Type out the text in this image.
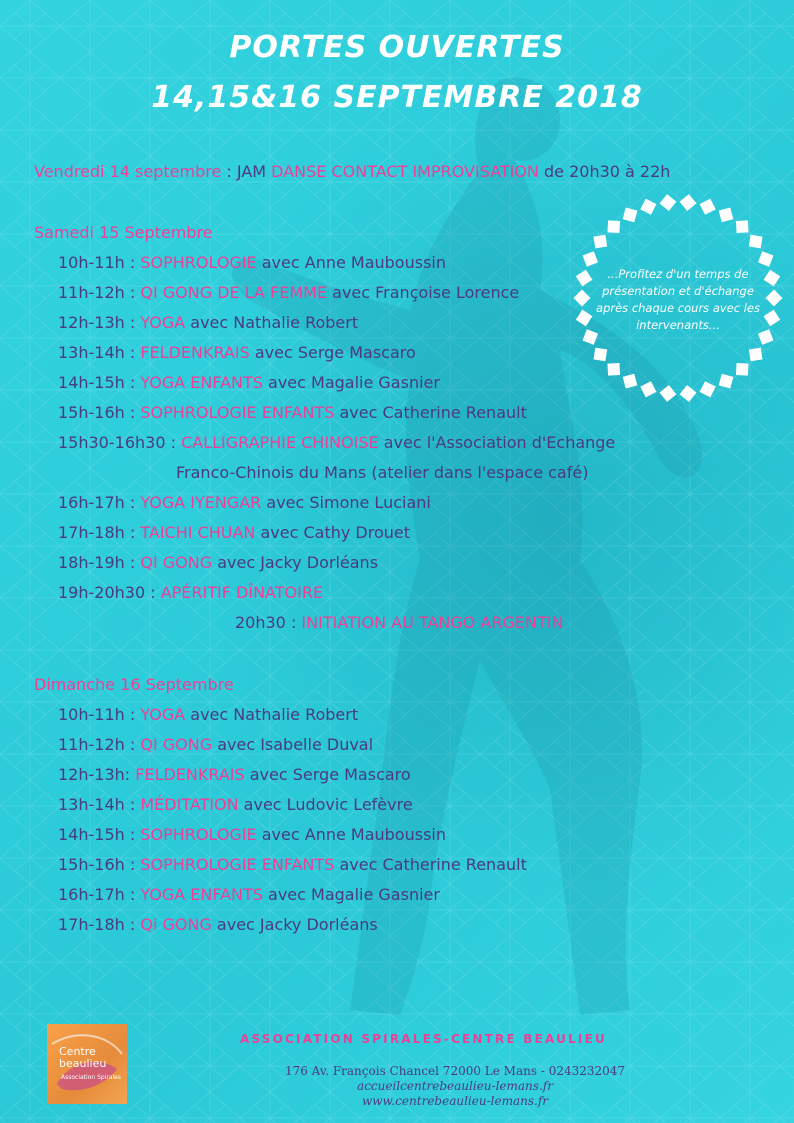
PORTES OUVERTES
14,15&16 SEPTEMBRE 2018
Vendredi 14 septembre : JAM DANSE CONTACT IMPROVISATION de 20h30 à 22h
Samedi 15 Septembre
10h-11h : SOPHROLOGIE avec Anne Mauboussin
11h-12h : QI GONG DE LA FEMME avec Françoise Lorence
12h-13h : YOGA avec Nathalie Robert
13h-14h : FELDENKRAIS avec Serge Mascaro
14h-15h : YOGA ENFANTS avec Magalie Gasnier
15h-16h : SOPHROLOGIE ENFANTS avec Catherine Renault
15h30-16h30 : CALLIGRAPHIE CHINOISE avec l'Association d'Echange
Franco-Chinois du Mans (atelier dans l'espace café)
16h-17h : YOGA IYENGAR avec Simone Luciani
17h-18h : TAICHI CHUAN avec Cathy Drouet
18h-19h : QI GONG avec Jacky Dorléans
19h-20h30 : APÉRITIF DÎNATOIRE
20h30 : INITIATION AU TANGO ARGENTIN
Dimanche 16 Septembre
10h-11h : YOGA avec Nathalie Robert
11h-12h : QI GONG avec Isabelle Duval
12h-13h: FELDENKRAIS avec Serge Mascaro
13h-14h : MÉDITATION avec Ludovic Lefèvre
14h-15h : SOPHROLOGIE avec Anne Mauboussin
15h-16h : SOPHROLOGIE ENFANTS avec Catherine Renault
16h-17h : YOGA ENFANTS avec Magalie Gasnier
17h-18h : Qi GONG avec Jacky Dorléans
...Profitez d'un temps de présentation et d'échange après chaque cours avec les intervenants...
Centre
beaulieu
Association Spirales
ASSOCIATION SPIRALES-CENTRE BEAULIEU
176 Av. François Chancel 72000 Le Mans - 0243232047
accueilcentrebeaulieu-lemans.fr
www.centrebeaulieu-lemans.fr
